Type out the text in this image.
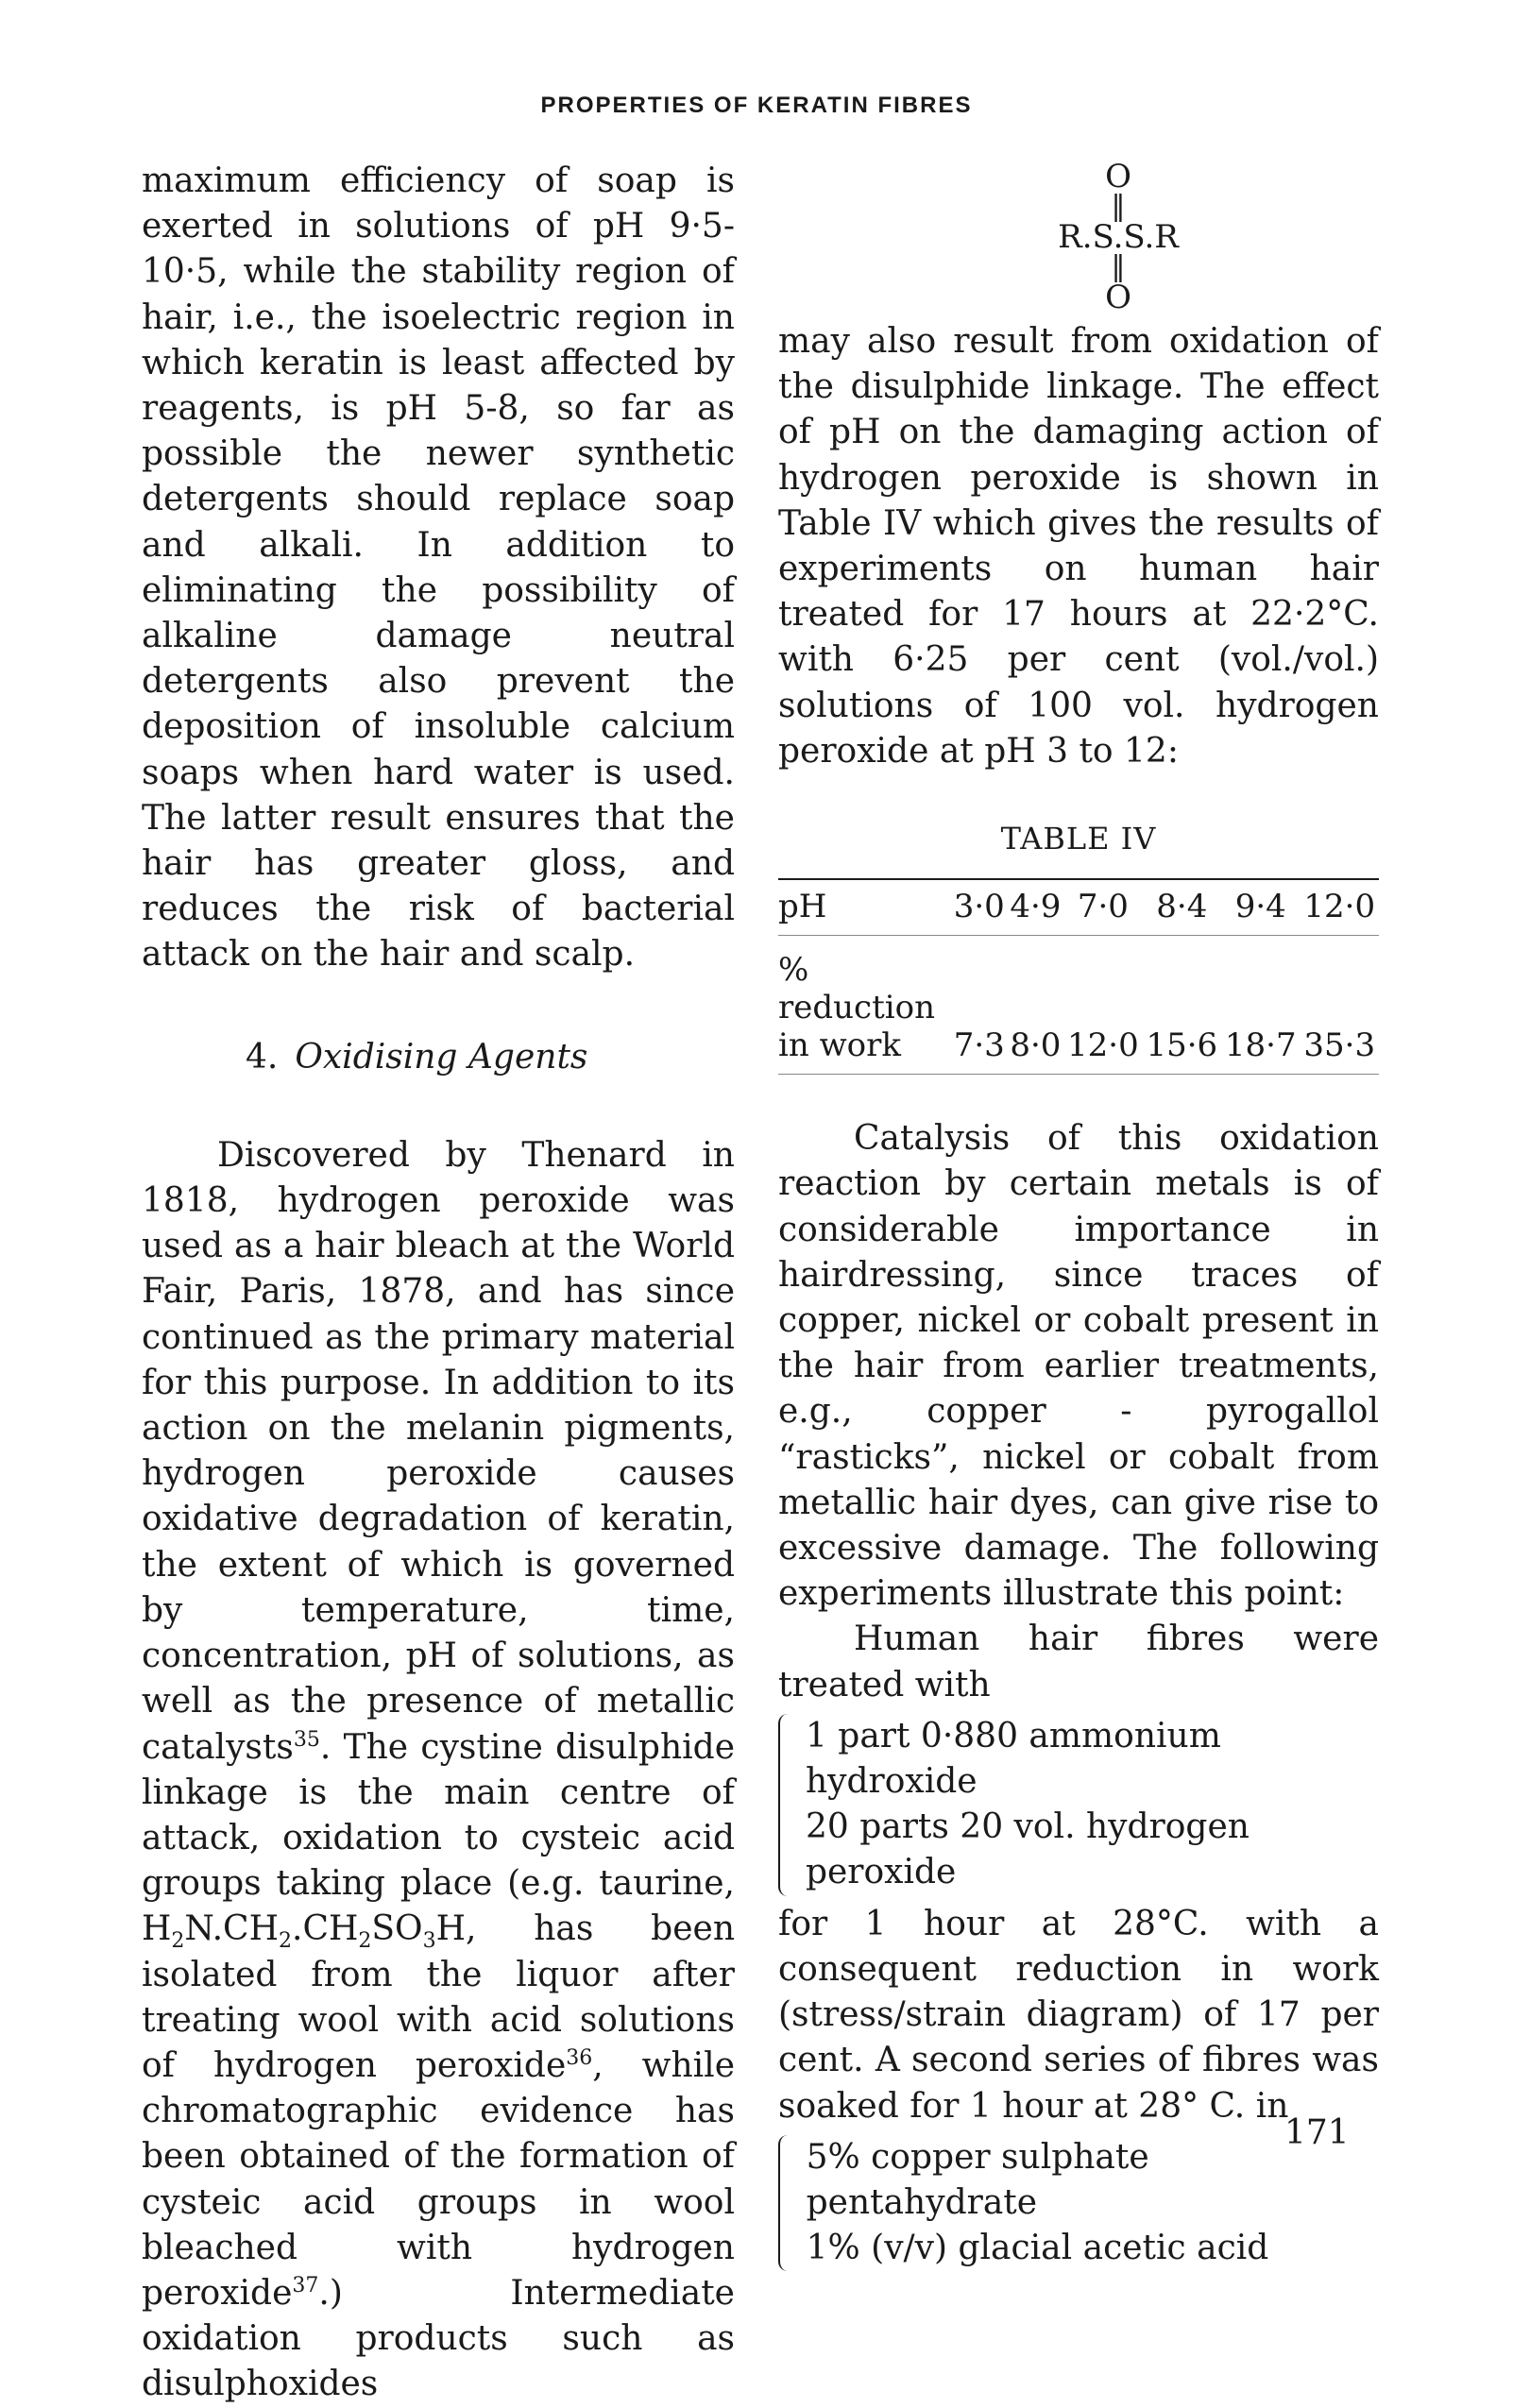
PROPERTIES OF KERATIN FIBRES

maximum efficiency of soap is exerted in solutions of pH 9·5-10·5, while the stability region of hair, i.e., the isoelectric region in which keratin is least affected by reagents, is pH 5-8, so far as possible the newer synthetic detergents should replace soap and alkali. In addition to eliminating the possibility of alkaline damage neutral detergents also prevent the deposition of insoluble calcium soaps when hard water is used. The latter result ensures that the hair has greater gloss, and reduces the risk of bacterial attack on the hair and scalp.

4. Oxidising Agents

Discovered by Thenard in 1818, hydrogen peroxide was used as a hair bleach at the World Fair, Paris, 1878, and has since continued as the primary material for this purpose. In addition to its action on the melanin pigments, hydrogen peroxide causes oxidative degradation of keratin, the extent of which is governed by temperature, time, concentration, pH of solutions, as well as the presence of metallic catalysts$^{35}$. The cystine disulphide linkage is the main centre of attack, oxidation to cysteic acid groups taking place (e.g. taurine, $H_2N.CH_2.CH_2SO_3H$, has been isolated from the liquor after treating wool with acid solutions of hydrogen peroxide$^{36}$, while chromatographic evidence has been obtained of the formation of cysteic acid groups in wool bleached with hydrogen peroxide$^{37}$.) Intermediate oxidation products such as disulphoxides

O
‖
R.S.S.R
‖
O

may also result from oxidation of the disulphide linkage. The effect of pH on the damaging action of hydrogen peroxide is shown in Table IV which gives the results of experiments on human hair treated for 17 hours at 22·2°C. with 6·25 per cent (vol./vol.) solutions of 100 vol. hydrogen peroxide at pH 3 to 12:

TABLE IV
pH	3·0	4·9	7·0	8·4	9·4	12·0

%
reduction
in work	7·3	8·0	12·0	15·6	18·7	35·3

Catalysis of this oxidation reaction by certain metals is of considerable importance in hairdressing, since traces of copper, nickel or cobalt present in the hair from earlier treatments, e.g., copper - pyrogallol “rasticks”, nickel or cobalt from metallic hair dyes, can give rise to excessive damage. The following experiments illustrate this point:

Human hair fibres were treated with

1 part 0·880 ammonium hydroxide

20 parts 20 vol. hydrogen peroxide

for 1 hour at 28°C. with a consequent reduction in work (stress/strain diagram) of 17 per cent. A second series of fibres was soaked for 1 hour at 28° C. in

5% copper sulphate pentahydrate

1% (v/v) glacial acetic acid

171
